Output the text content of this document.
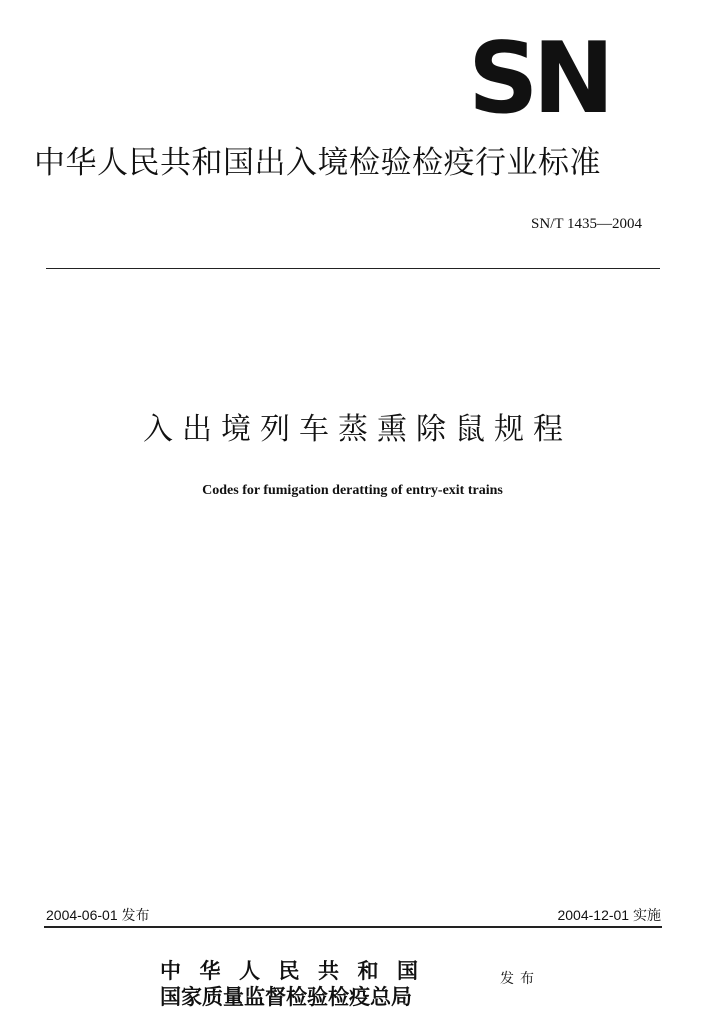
SN
中华人民共和国出入境检验检疫行业标准
SN/T 1435—2004
入出境列车蒸熏除鼠规程
Codes for fumigation deratting of entry-exit trains
2004-06-01 发布	2004-12-01 实施
中华人民共和国
国家质量监督检验检疫总局
发布
